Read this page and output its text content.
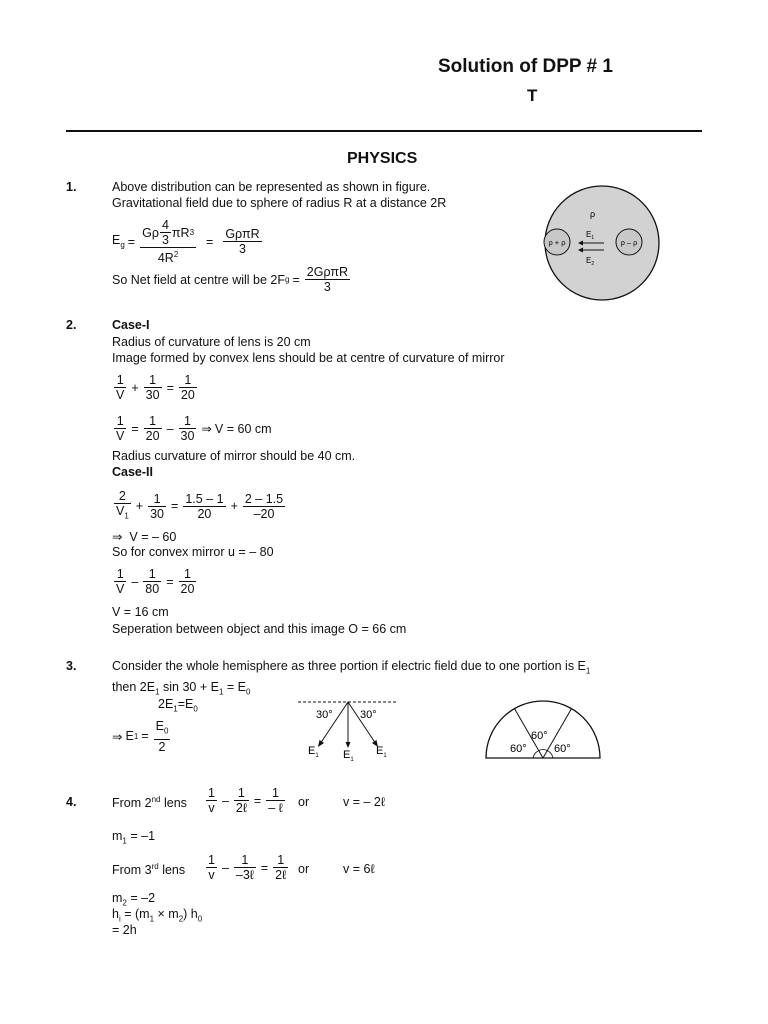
Solution of DPP # 1
T
PHYSICS
1.	Above distribution can be represented as shown in figure.
Gravitational field due to sphere of radius R at a distance 2R
$E_g = \frac{G\rho \frac{4}{3} \pi R 3}{4R^2} = \frac{\text{GρπR}}{3}$
So Net field at centre will be 2F $g = \frac{\text{2GρπR}}{3}$
ρ
ρ + ρ	ρ – ρ
$E_1$
$E_2$
2.	Case-I
Radius of curvature of lens is 20 cm
Image formed by convex lens should be at centre of curvature of mirror
$\frac{1}{V} + \frac{1}{30} = \frac{1}{20}$
$\frac{1}{V} = \frac{1}{20} - \frac{1}{30}$ ⇒ V = 60 cm
Radius curvature of mirror should be 40 cm.
Case-II
$\frac{2}{V_1} + \frac{1}{30} = \frac{1.5 - 1}{20} + \frac{2 - 1.5}{-20}$
⇒  V = – 60
So for convex mirror u = – 80
$\frac{1}{V} - \frac{1}{80} = \frac{1}{20}$
V = 16 cm
Seperation between object and this image O = 66 cm
3.	Consider the whole hemisphere as three portion if electric field due to one portion is $E_1$
then $2E_1$ $\sin 30 + E_1 = E_0$
$2E_1=E_0$
⇒ E $1 = \frac{E_0}{2}$
30° 30°
$E_1$ $E_1$
$E_1$
60°
60° 60°
4.	From 2nd lens $\frac{1}{v} - \frac{1}{\text{2ℓ}} = \frac{1}{\text{– ℓ}}$ or	v = – 2ℓ
$m_1 = -1$
From 3rd lens $\frac{1}{v} - \frac{1}{\text{–3ℓ}} = \frac{1}{\text{2ℓ}}$ or	v = 6ℓ
$m_2 = -2$
$h_i = (m_1 \times m_2)$ $h_0$
= 2h
